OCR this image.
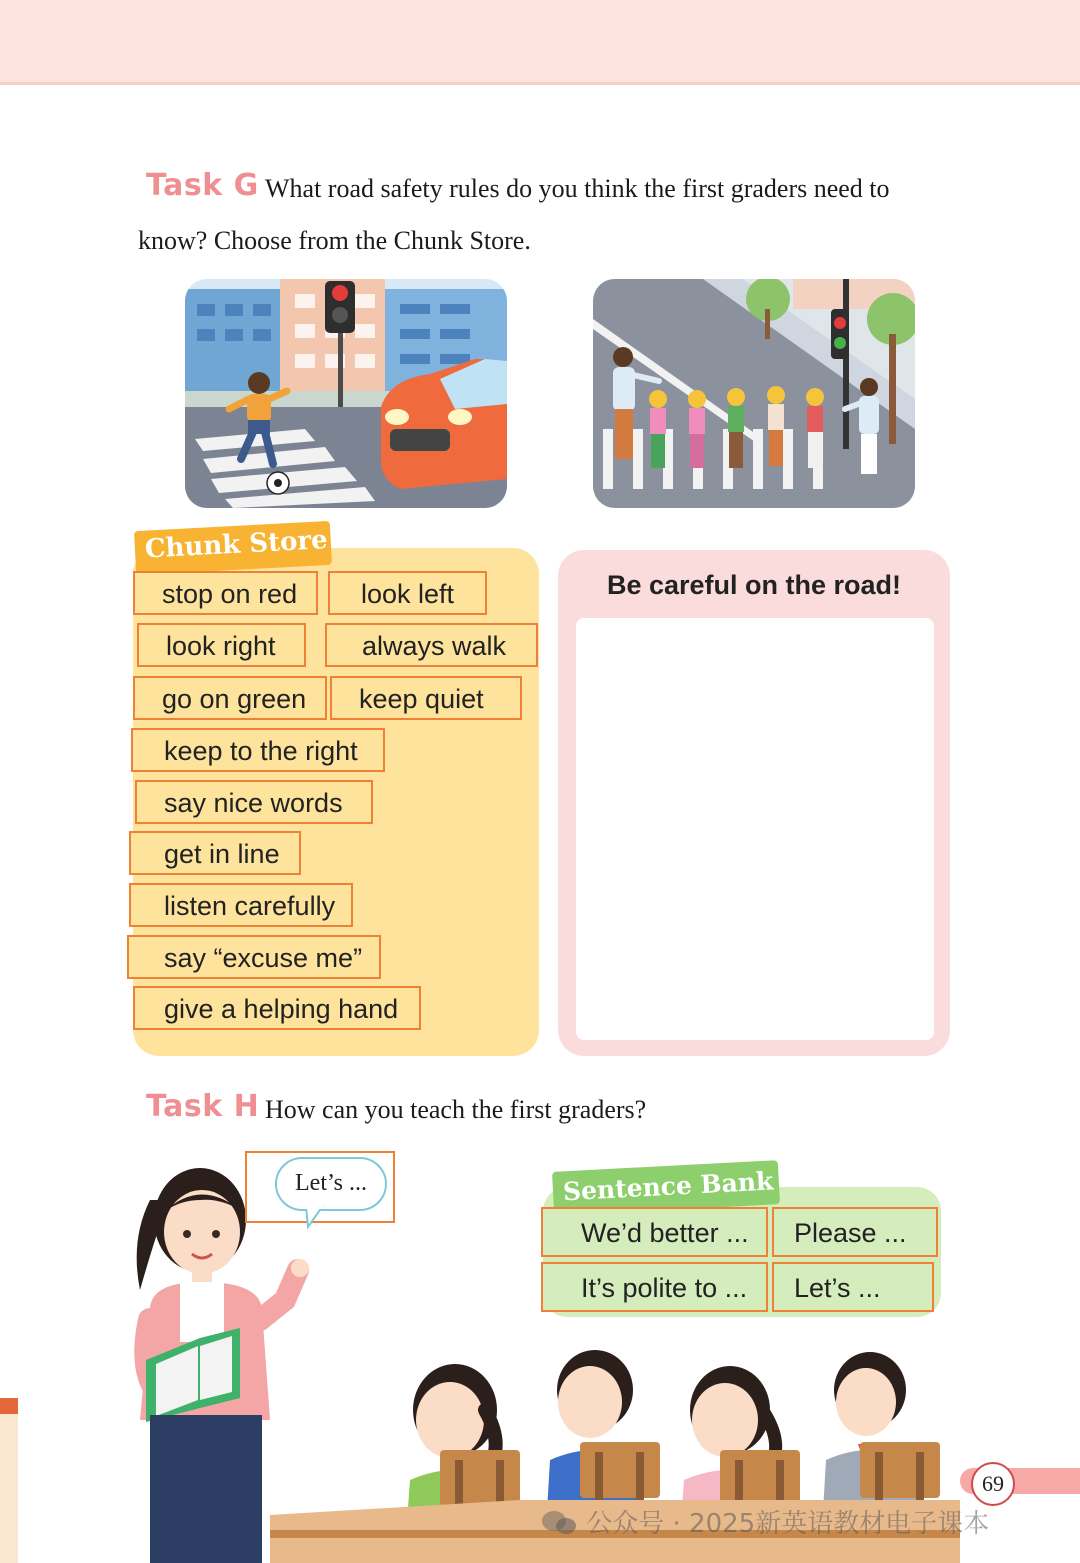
Task G What road safety rules do you think the first graders need to
know? Choose from the Chunk Store.
Chunk Store
stop on red	look left
look right	always walk
go on green	keep quiet
keep to the right
say nice words
get in line
listen carefully
say “excuse me”
give a helping hand
Be careful on the road!
Task H How can you teach the first graders?
Let’s ...	Sentence Bank
We’d better ...	Please ...
It’s polite to ...	Let’s ...
69
公众号 · 2025新英语教材电子课本
